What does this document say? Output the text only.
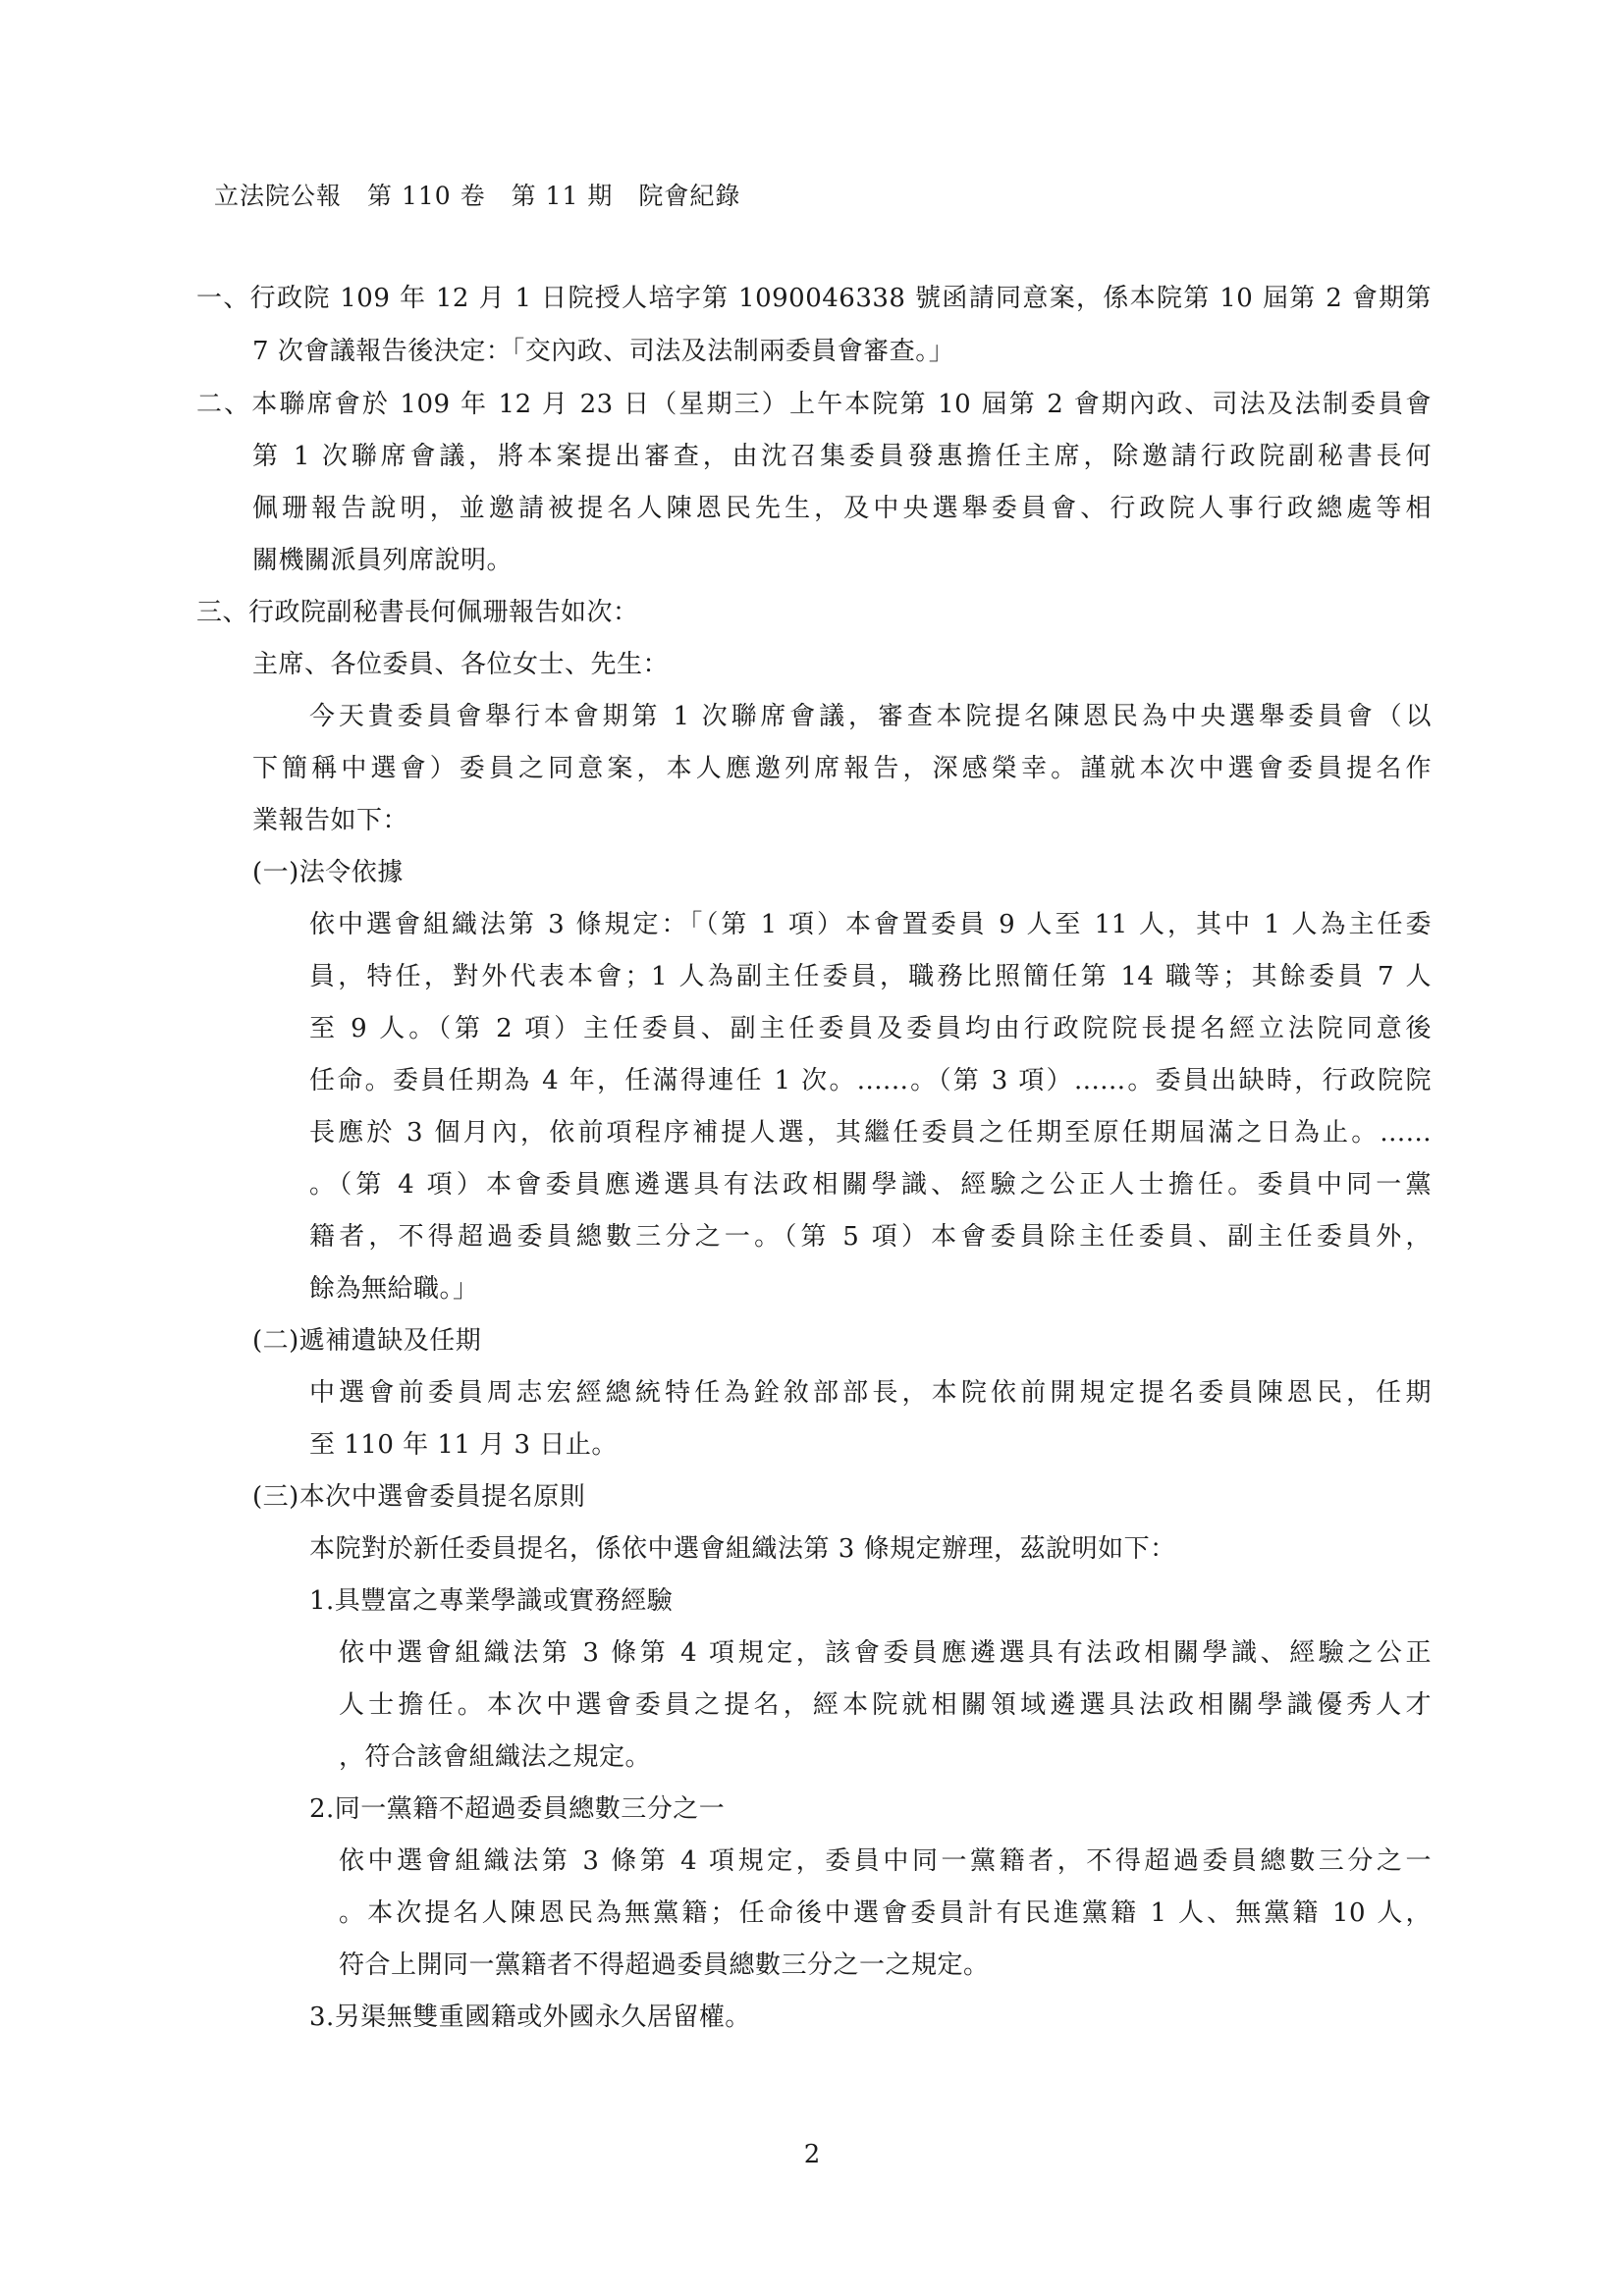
立法院公報　第 110 卷　第 11 期　院會紀錄
一、行政院 109 年 12 月 1 日院授人培字第 1090046338 號函請同意案，係本院第 10 屆第 2 會期第
7 次會議報告後決定：「交內政、司法及法制兩委員會審查。」
二、本聯席會於 109 年 12 月 23 日（星期三）上午本院第 10 屆第 2 會期內政、司法及法制委員會
第 1 次聯席會議，將本案提出審查，由沈召集委員發惠擔任主席，除邀請行政院副秘書長何
佩珊報告說明，並邀請被提名人陳恩民先生，及中央選舉委員會、行政院人事行政總處等相
關機關派員列席說明。
三、行政院副秘書長何佩珊報告如次：
主席、各位委員、各位女士、先生：
今天貴委員會舉行本會期第 1 次聯席會議，審查本院提名陳恩民為中央選舉委員會（以
下簡稱中選會）委員之同意案，本人應邀列席報告，深感榮幸。謹就本次中選會委員提名作
業報告如下：
(一)法令依據
依中選會組織法第 3 條規定：「（第 1 項）本會置委員 9 人至 11 人，其中 1 人為主任委
員，特任，對外代表本會；1 人為副主任委員，職務比照簡任第 14 職等；其餘委員 7 人
至 9 人。（第 2 項）主任委員、副主任委員及委員均由行政院院長提名經立法院同意後
任命。委員任期為 4 年，任滿得連任 1 次。......。（第 3 項）......。委員出缺時，行政院院
長應於 3 個月內，依前項程序補提人選，其繼任委員之任期至原任期屆滿之日為止。......
。（第 4 項）本會委員應遴選具有法政相關學識、經驗之公正人士擔任。委員中同一黨
籍者，不得超過委員總數三分之一。（第 5 項）本會委員除主任委員、副主任委員外，
餘為無給職。」
(二)遞補遺缺及任期
中選會前委員周志宏經總統特任為銓敘部部長，本院依前開規定提名委員陳恩民，任期
至 110 年 11 月 3 日止。
(三)本次中選會委員提名原則
本院對於新任委員提名，係依中選會組織法第 3 條規定辦理，茲說明如下：
1.具豐富之專業學識或實務經驗
依中選會組織法第 3 條第 4 項規定，該會委員應遴選具有法政相關學識、經驗之公正
人士擔任。本次中選會委員之提名，經本院就相關領域遴選具法政相關學識優秀人才
，符合該會組織法之規定。
2.同一黨籍不超過委員總數三分之一
依中選會組織法第 3 條第 4 項規定，委員中同一黨籍者，不得超過委員總數三分之一
。本次提名人陳恩民為無黨籍；任命後中選會委員計有民進黨籍 1 人、無黨籍 10 人，
符合上開同一黨籍者不得超過委員總數三分之一之規定。
3.另渠無雙重國籍或外國永久居留權。
2
